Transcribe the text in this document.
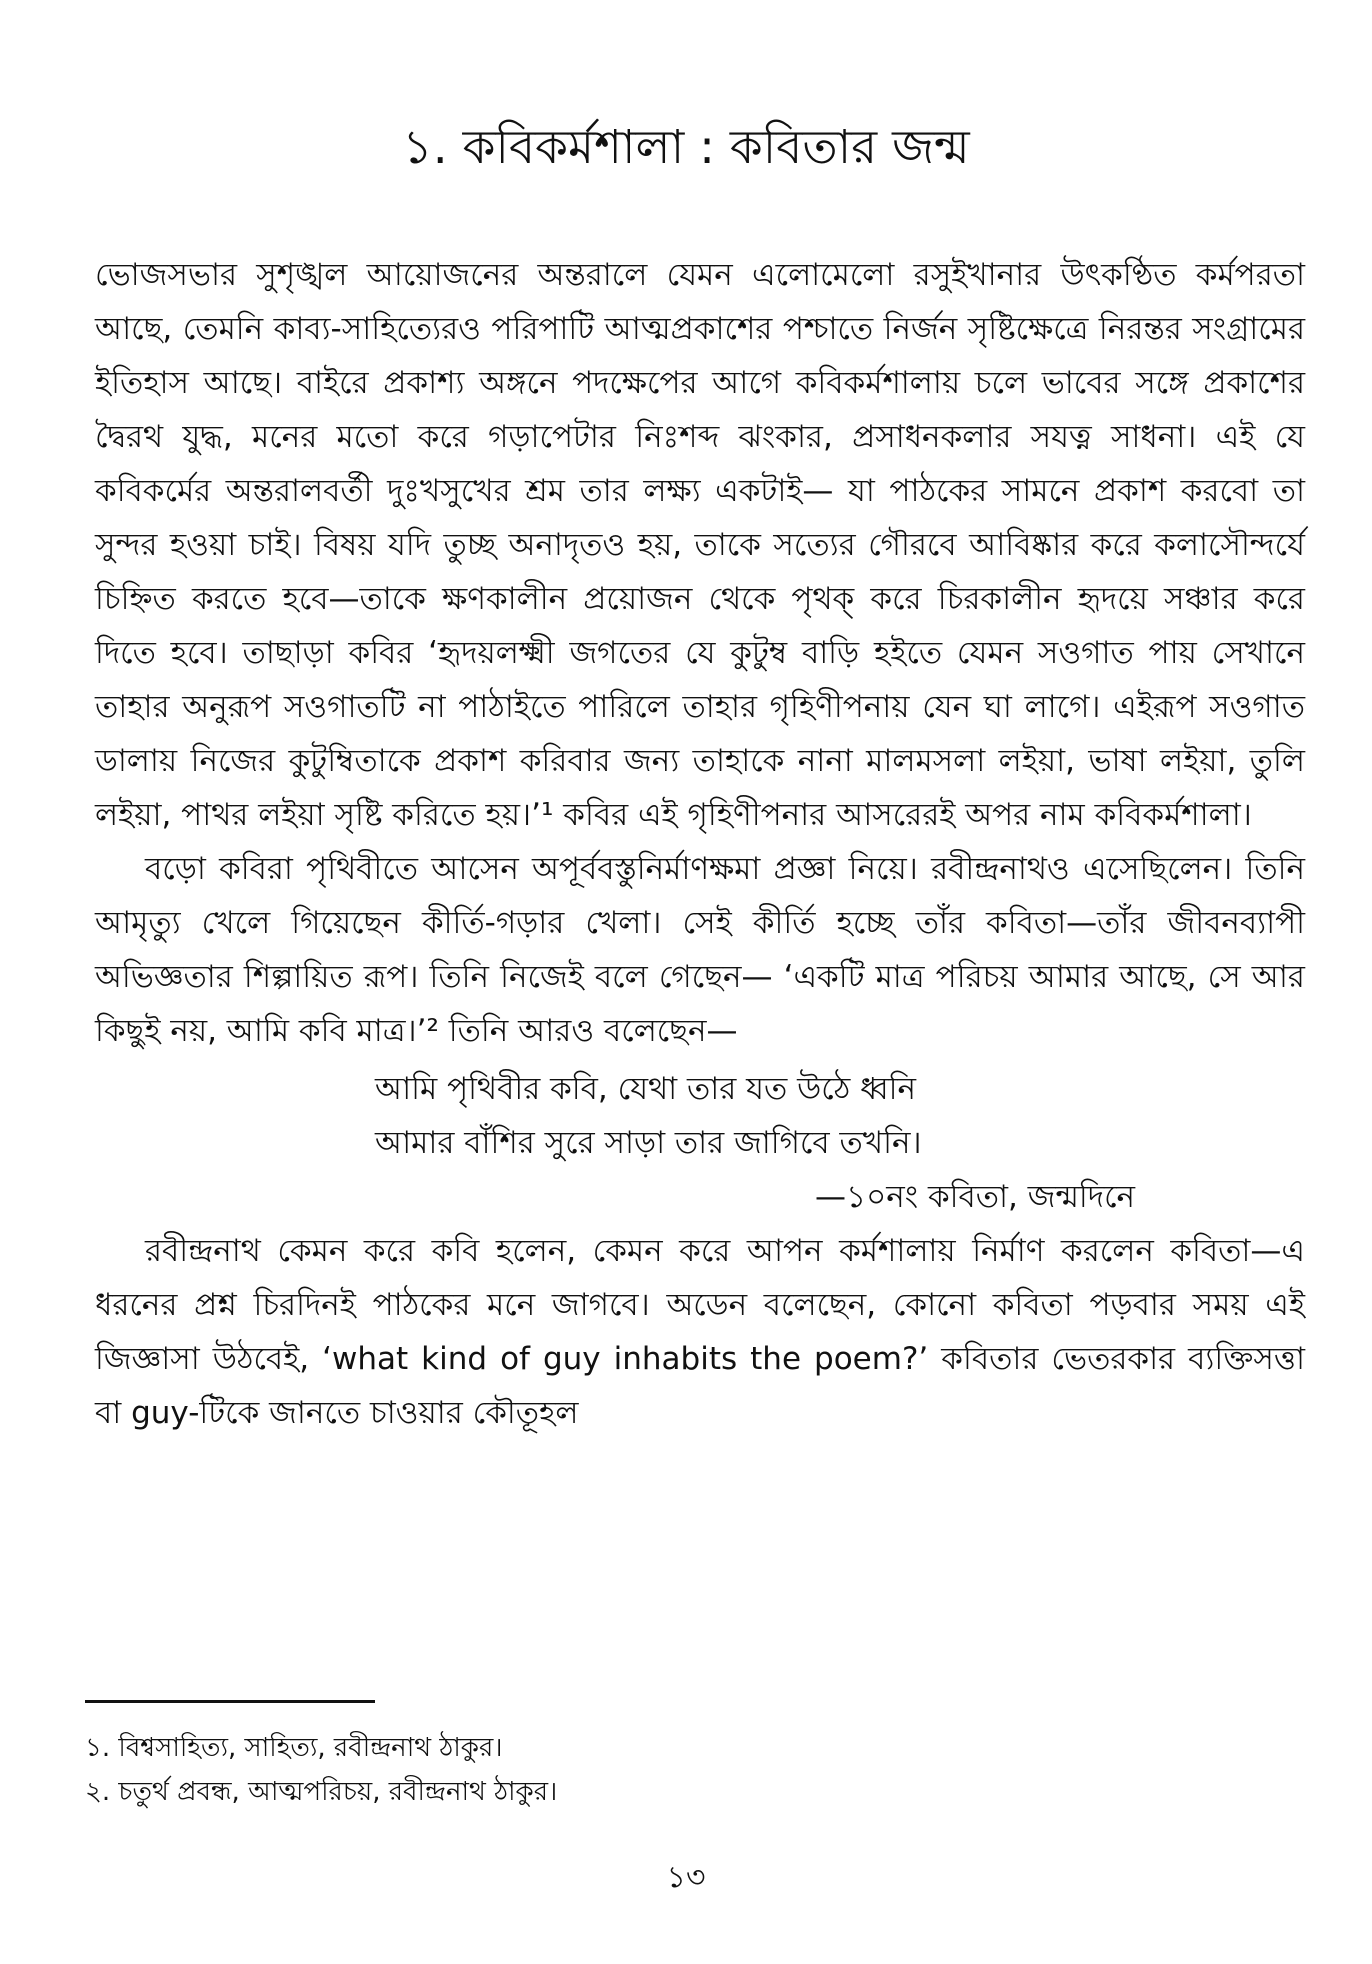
১. কবিকর্মশালা : কবিতার জন্ম

ভোজসভার সুশৃঙ্খল আয়োজনের অন্তরালে যেমন এলোমেলো রসুইখানার উৎকণ্ঠিত কর্মপরতা আছে, তেমনি কাব্য-সাহিত্যেরও পরিপাটি আত্মপ্রকাশের পশ্চাতে নির্জন সৃষ্টিক্ষেত্রে নিরন্তর সংগ্রামের ইতিহাস আছে। বাইরে প্রকাশ্য অঙ্গনে পদক্ষেপের আগে কবিকর্মশালায় চলে ভাবের সঙ্গে প্রকাশের দ্বৈরথ যুদ্ধ, মনের মতো করে গড়াপেটার নিঃশব্দ ঝংকার, প্রসাধনকলার সযত্ন সাধনা। এই যে কবিকর্মের অন্তরালবর্তী দুঃখসুখের শ্রম তার লক্ষ্য একটাই— যা পাঠকের সামনে প্রকাশ করবো তা সুন্দর হওয়া চাই। বিষয় যদি তুচ্ছ অনাদৃতও হয়, তাকে সত্যের গৌরবে আবিষ্কার করে কলাসৌন্দর্যে চিহ্নিত করতে হবে—তাকে ক্ষণকালীন প্রয়োজন থেকে পৃথক্ করে চিরকালীন হৃদয়ে সঞ্চার করে দিতে হবে। তাছাড়া কবির ‘হৃদয়লক্ষ্মী জগতের যে কুটুম্ব বাড়ি হইতে যেমন সওগাত পায় সেখানে তাহার অনুরূপ সওগাতটি না পাঠাইতে পারিলে তাহার গৃহিণীপনায় যেন ঘা লাগে। এইরূপ সওগাত ডালায় নিজের কুটুম্বিতাকে প্রকাশ করিবার জন্য তাহাকে নানা মালমসলা লইয়া, ভাষা লইয়া, তুলি লইয়া, পাথর লইয়া সৃষ্টি করিতে হয়।’¹ কবির এই গৃহিণীপনার আসরেরই অপর নাম কবিকর্মশালা।

বড়ো কবিরা পৃথিবীতে আসেন অপূর্ববস্তুনির্মাণক্ষমা প্রজ্ঞা নিয়ে। রবীন্দ্রনাথও এসেছিলেন। তিনি আমৃত্যু খেলে গিয়েছেন কীর্তি-গড়ার খেলা। সেই কীর্তি হচ্ছে তাঁর কবিতা—তাঁর জীবনব্যাপী অভিজ্ঞতার শিল্পায়িত রূপ। তিনি নিজেই বলে গেছেন— ‘একটি মাত্র পরিচয় আমার আছে, সে আর কিছুই নয়, আমি কবি মাত্র।’² তিনি আরও বলেছেন—

আমি পৃথিবীর কবি, যেথা তার যত উঠে ধ্বনি
আমার বাঁশির সুরে সাড়া তার জাগিবে তখনি।

—১০নং কবিতা, জন্মদিনে

রবীন্দ্রনাথ কেমন করে কবি হলেন, কেমন করে আপন কর্মশালায় নির্মাণ করলেন কবিতা—এ ধরনের প্রশ্ন চিরদিনই পাঠকের মনে জাগবে। অডেন বলেছেন, কোনো কবিতা পড়বার সময় এই জিজ্ঞাসা উঠবেই, ‘what kind of guy inhabits the poem?’ কবিতার ভেতরকার ব্যক্তিসত্তা বা guy-টিকে জানতে চাওয়ার কৌতূহল

১. বিশ্বসাহিত্য, সাহিত্য, রবীন্দ্রনাথ ঠাকুর।

২. চতুর্থ প্রবন্ধ, আত্মপরিচয়, রবীন্দ্রনাথ ঠাকুর।

১৩
